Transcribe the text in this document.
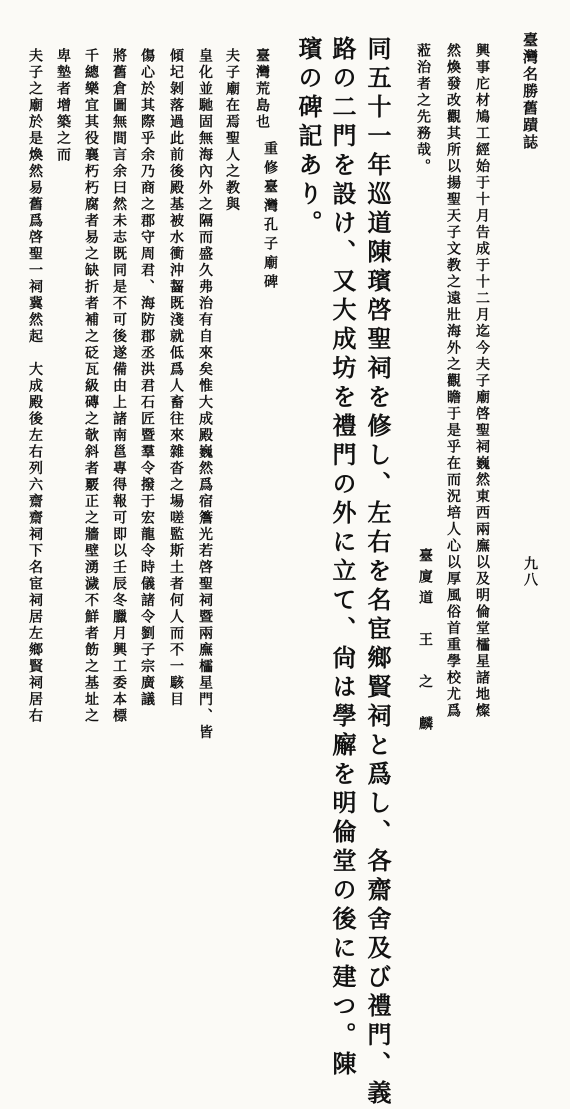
臺灣名勝舊蹟誌
九八
興事庀材鳩工經始于十月告成于十二月迄今夫子廟啓聖祠巍然東西兩廡以及明倫堂櫺星諸地燦
然煥發改觀其所以揚聖天子文教之遠壯海外之觀瞻于是乎在而況培人心以厚風俗首重學校尤爲
蒞治者之先務哉。
同五十一年巡道陳璸啓聖祠を修し、左右を名宦鄉賢祠と爲し、各齋舍及び禮門、義
路の二門を設け、又大成坊を禮門の外に立て、尙は學廨を明倫堂の後に建つ。陳
璸の碑記あり。
重修臺灣孔子廟碑
臺廈道　王　之　麟
臺灣荒島也
夫子廟在焉聖人之教與
皇化並馳固無海內外之隔而盛久弗治有自來矣惟大成殿巍然爲宿簷光若啓聖祠暨兩廡櫺星門、皆
傾圮剝落過此前後殿基被水衝沖齧既淺就低爲人畜往來雜沓之場嗟監斯土者何人而不一駭目
傷心於其際乎余乃商之郡守周君、海防郡丞洪君石匠暨羣令撥于宏龍令時儀諸令劉子宗廣議
將舊倉圖無間言余曰然未志既同是不可後遂備由上諸南邕專得報可即以壬辰冬臘月興工委本標
千總樂宜其役襄朽朽腐者易之缺折者補之砭瓦級磚之欹斜者覈正之牆壁湧濊不鮮者飭之基址之
卑墊者增築之而
夫子之廟於是煥然易舊爲啓聖一祠冀然起　大成殿後左右列六齋齋祠下名宦祠居左鄉賢祠居右
